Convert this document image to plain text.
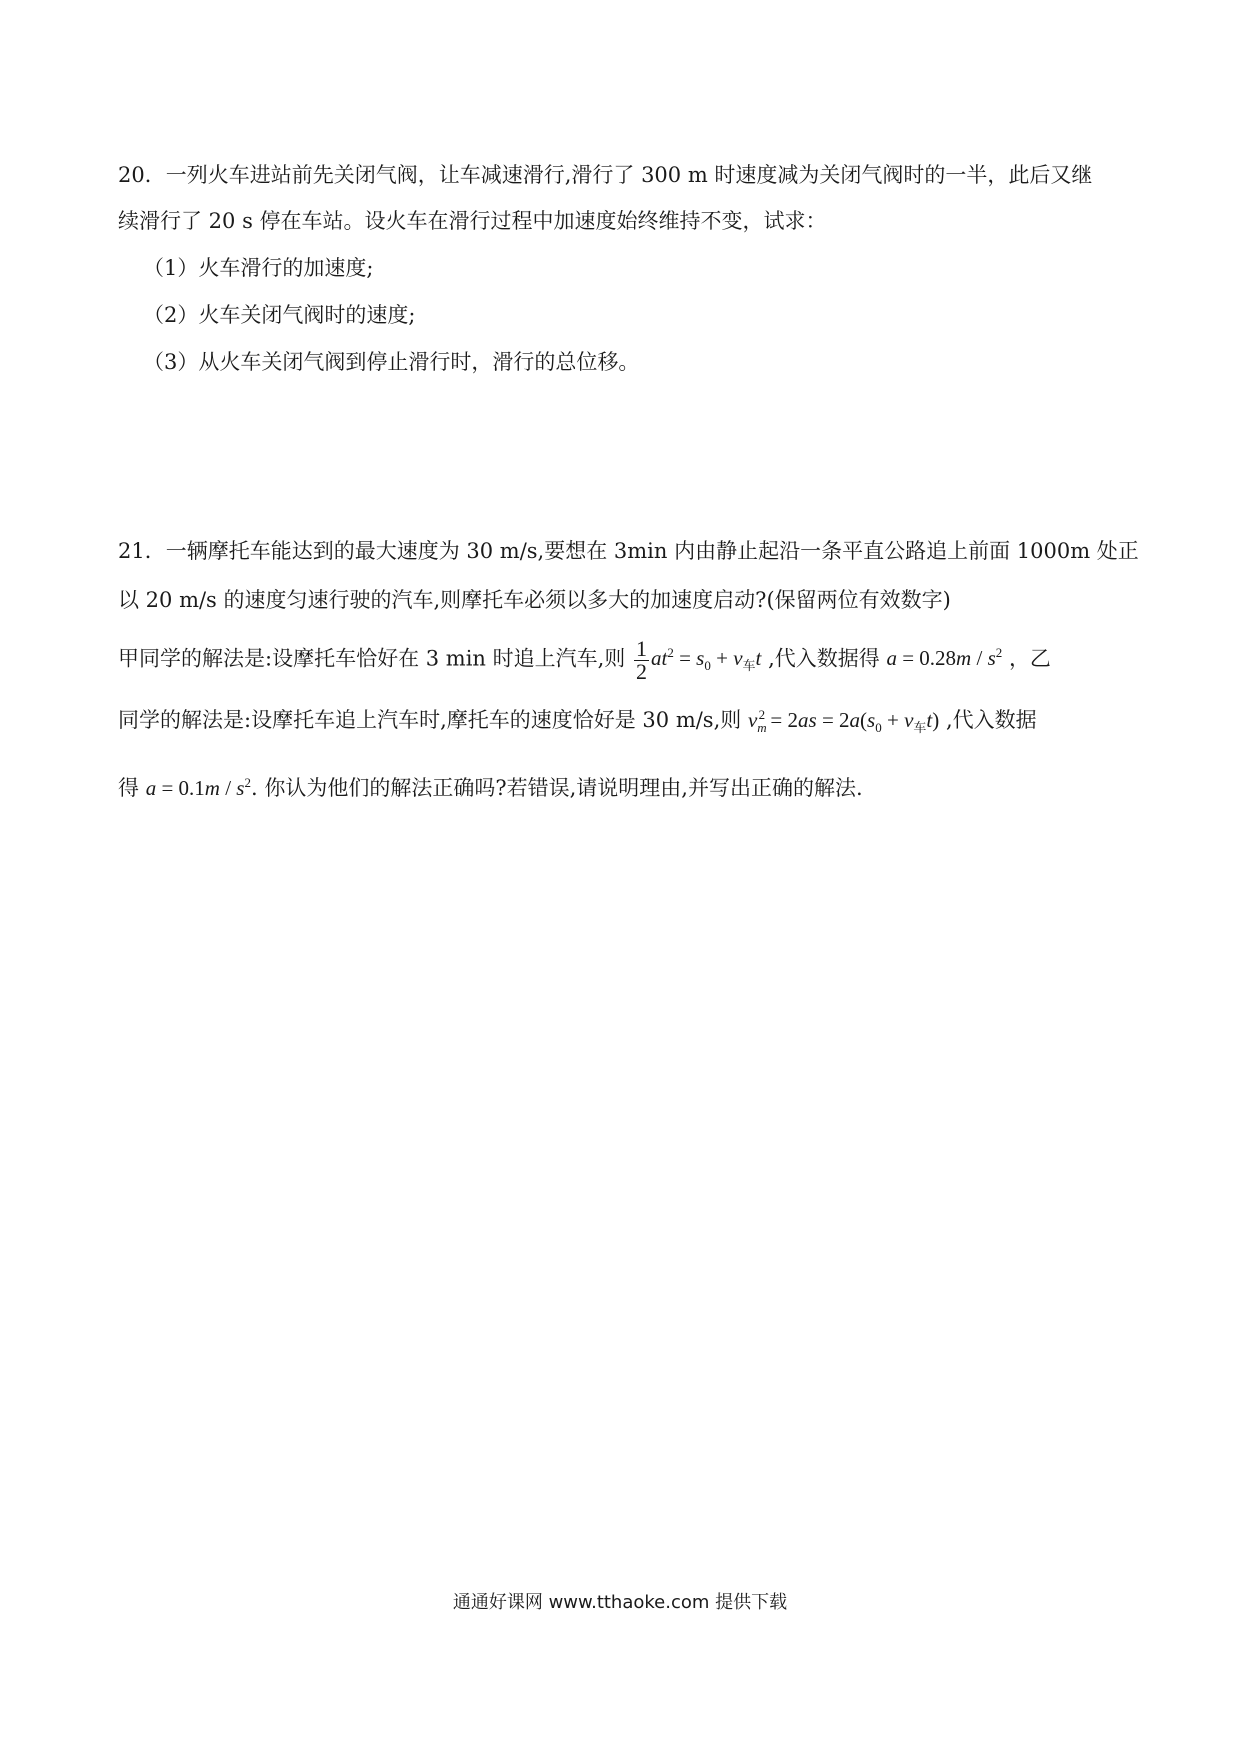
20．一列火车进站前先关闭气阀，让车减速滑行,滑行了 300 m 时速度减为关闭气阀时的一半，此后又继
续滑行了 20 s 停在车站。设火车在滑行过程中加速度始终维持不变，试求：
（1）火车滑行的加速度;
（2）火车关闭气阀时的速度;
（3）从火车关闭气阀到停止滑行时，滑行的总位移。
21．一辆摩托车能达到的最大速度为 30 m/s,要想在 3min 内由静止起沿一条平直公路追上前面 1000m 处正
以 20 m/s 的速度匀速行驶的汽车,则摩托车必须以多大的加速度启动?(保留两位有效数字)
甲同学的解法是:设摩托车恰好在 3 min 时追上汽车,则 $\frac{1}{2} at^2 = s_0 + v_车t$ ,代入数据得 $a = 0.28m / s^2$ ，乙
同学的解法是:设摩托车追上汽车时,摩托车的速度恰好是 30 m/s,则 $v_m^2 = 2as = 2a(s_0 + v_车t)$ ,代入数据
得 $a = 0.1m / s^2$. 你认为他们的解法正确吗?若错误,请说明理由,并写出正确的解法.
通通好课网 www.tthaoke.com 提供下载
